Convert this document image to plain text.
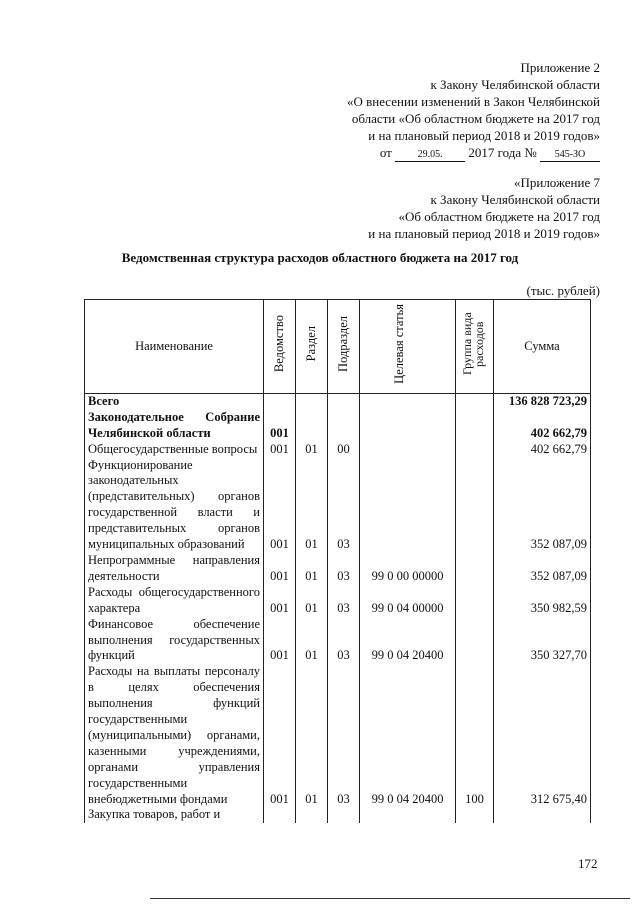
Приложение 2
к Закону Челябинской области
«О внесении изменений в Закон Челябинской
области «Об областном бюджете на 2017 год
и на плановый период 2018 и 2019 годов»
от	29.05. 2017 года № 545-ЗО
«Приложение 7
к Закону Челябинской области
«Об областном бюджете на 2017 год
и на плановый период 2018 и 2019 годов»
Ведомственная структура расходов областного бюджета на 2017 год
(тыс. рублей)
Наименование	Ведомство	Раздел	Подраздел	Целевая статья	Группа вида расходов	Сумма
Всего						136 828 723,29
Законодательное Собрание Челябинской области	001					402 662,79
Общегосударственные вопросы	001	01	00			402 662,79
Функционирование законодательных (представительных) органов государственной власти и представительных органов муниципальных образований	001	01	03			352 087,09
Непрограммные направления деятельности	001	01	03	99 0 00 00000		352 087,09
Расходы общегосударственного характера	001	01	03	99 0 04 00000		350 982,59
Финансовое обеспечение выполнения государственных функций	001	01	03	99 0 04 20400		350 327,70
Расходы на выплаты персоналу в целях обеспечения выполнения функций государственными (муниципальными) органами, казенными учреждениями, органами управления государственными внебюджетными фондами	001	01	03	99 0 04 20400	100	312 675,40
Закупка товаров, работ и						
172
